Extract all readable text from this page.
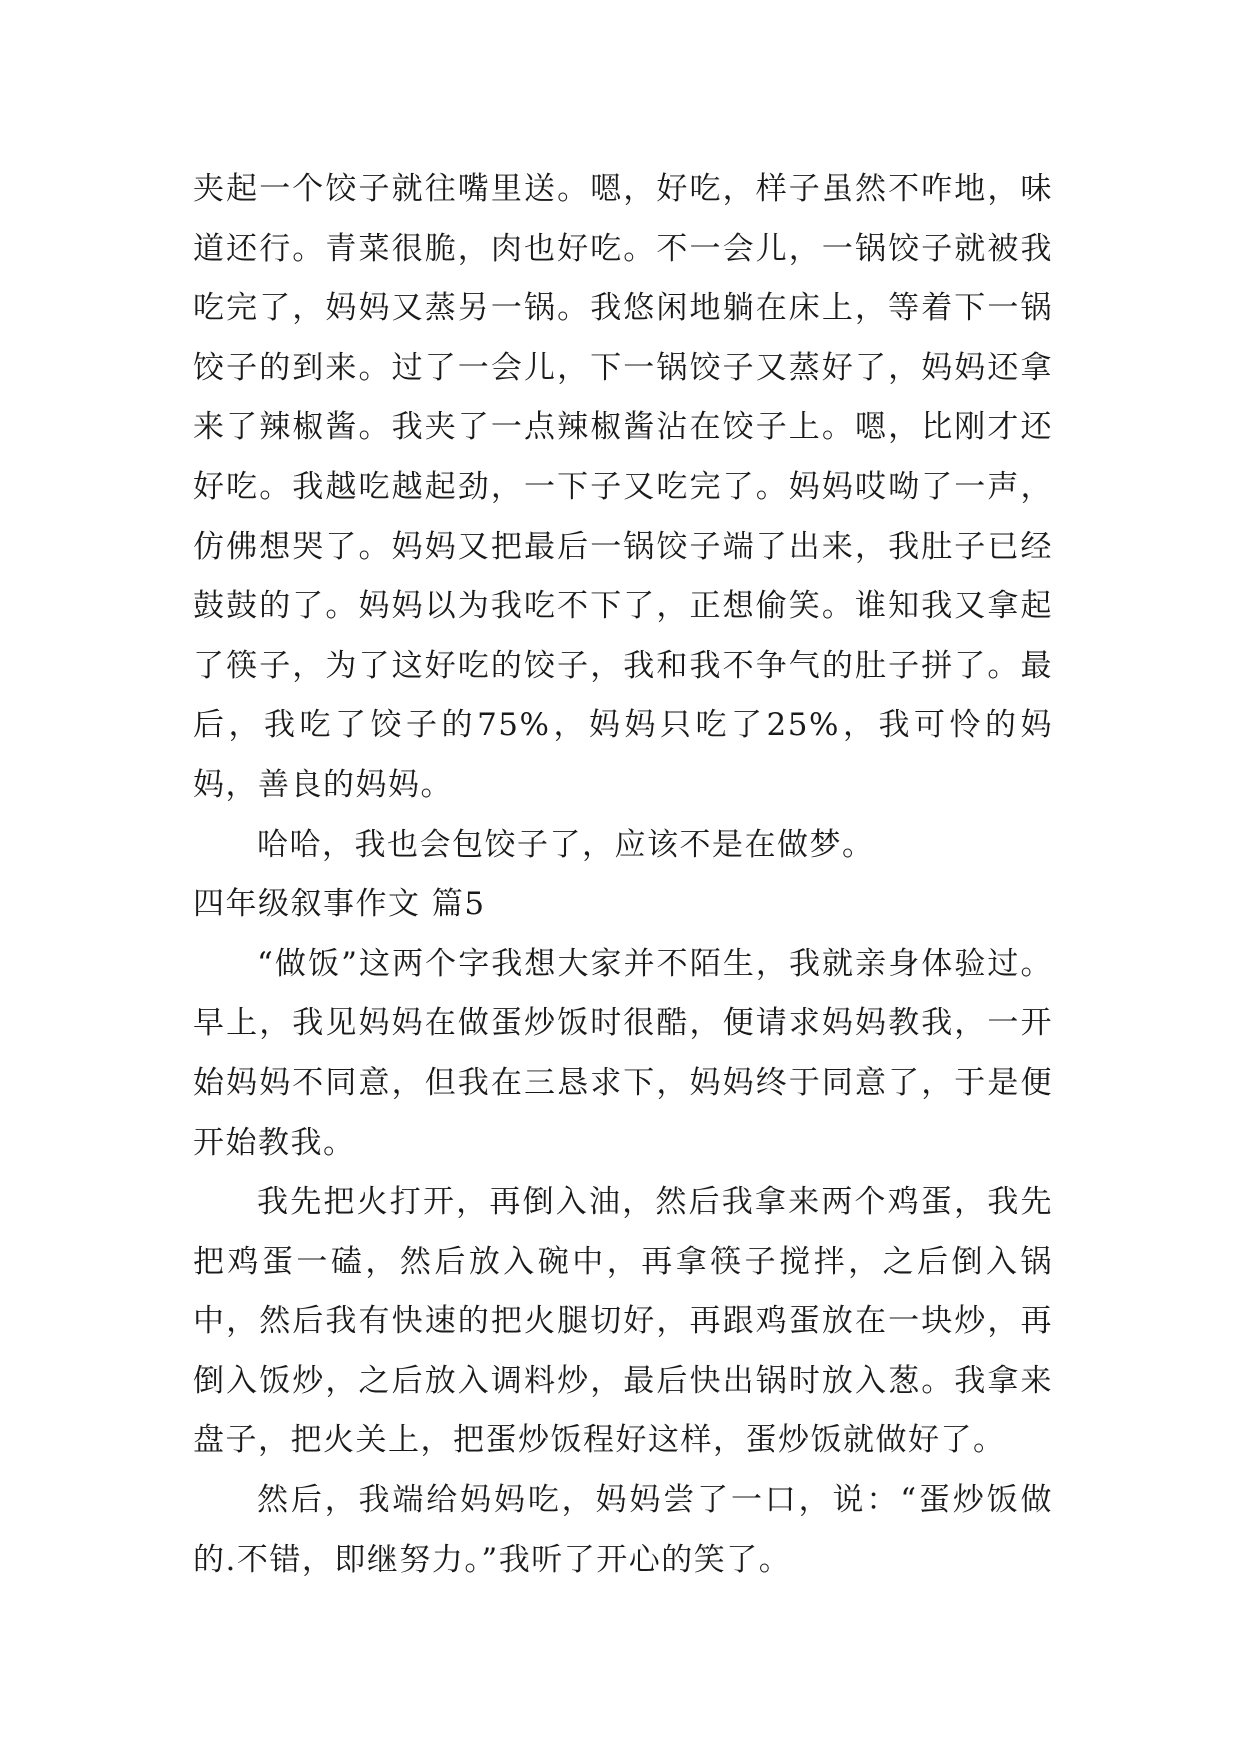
夹起一个饺子就往嘴里送。嗯，好吃，样子虽然不咋地，味道还行。青菜很脆，肉也好吃。不一会儿，一锅饺子就被我吃完了，妈妈又蒸另一锅。我悠闲地躺在床上，等着下一锅饺子的到来。过了一会儿，下一锅饺子又蒸好了，妈妈还拿来了辣椒酱。我夹了一点辣椒酱沾在饺子上。嗯，比刚才还好吃。我越吃越起劲，一下子又吃完了。妈妈哎呦了一声，仿佛想哭了。妈妈又把最后一锅饺子端了出来，我肚子已经鼓鼓的了。妈妈以为我吃不下了，正想偷笑。谁知我又拿起了筷子，为了这好吃的饺子，我和我不争气的肚子拼了。最后，我吃了饺子的75%，妈妈只吃了25%，我可怜的妈妈，善良的妈妈。

哈哈，我也会包饺子了，应该不是在做梦。

四年级叙事作文 篇5

“做饭”这两个字我想大家并不陌生，我就亲身体验过。早上，我见妈妈在做蛋炒饭时很酷，便请求妈妈教我，一开始妈妈不同意，但我在三恳求下，妈妈终于同意了，于是便开始教我。

我先把火打开，再倒入油，然后我拿来两个鸡蛋，我先把鸡蛋一磕，然后放入碗中，再拿筷子搅拌，之后倒入锅中，然后我有快速的把火腿切好，再跟鸡蛋放在一块炒，再倒入饭炒，之后放入调料炒，最后快出锅时放入葱。我拿来盘子，把火关上，把蛋炒饭程好这样，蛋炒饭就做好了。

然后，我端给妈妈吃，妈妈尝了一口，说：“蛋炒饭做的.不错，即继努力。”我听了开心的笑了。
